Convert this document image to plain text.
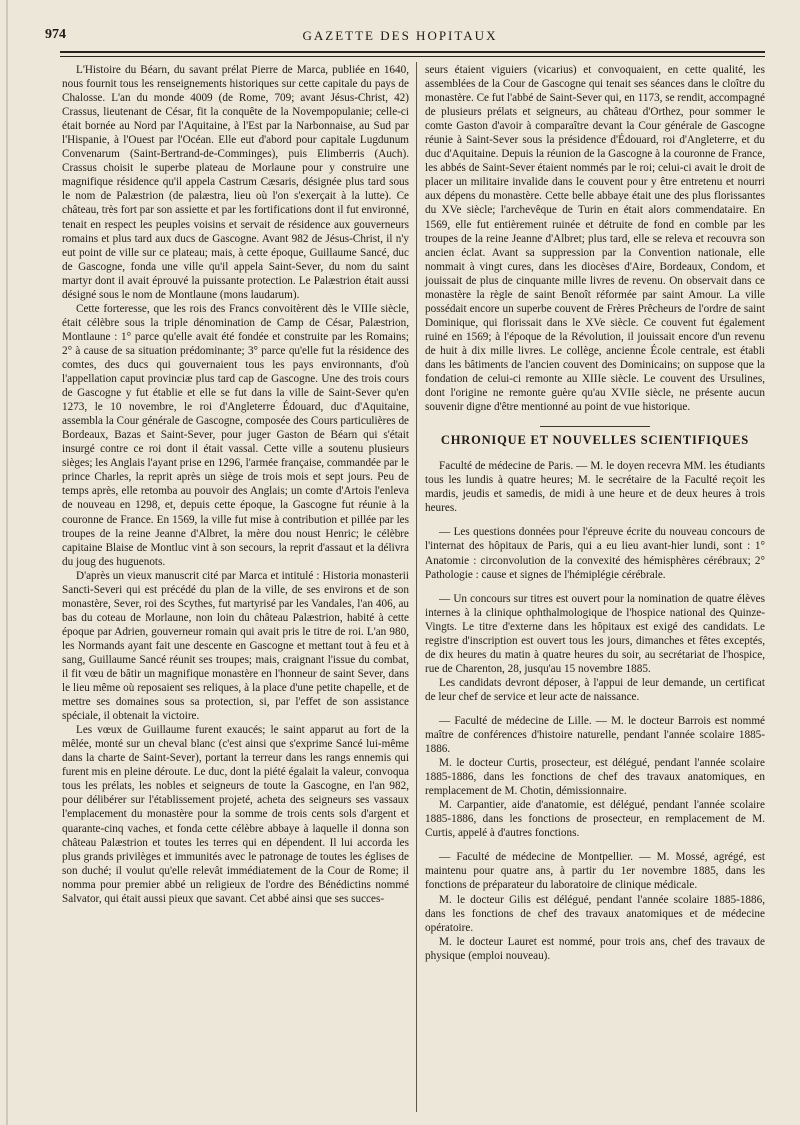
974	GAZETTE DES HOPITAUX

L'Histoire du Béarn, du savant prélat Pierre de Marca, publiée en 1640, nous fournit tous les renseignements historiques sur cette capitale du pays de Chalosse. L'an du monde 4009 (de Rome, 709; avant Jésus-Christ, 42) Crassus, lieutenant de César, fit la conquête de la Novempopulanie; celle-ci était bornée au Nord par l'Aquitaine, à l'Est par la Narbonnaise, au Sud par l'Hispanie, à l'Ouest par l'Océan. Elle eut d'abord pour capitale Lugdunum Convenarum (Saint-Bertrand-de-Comminges), puis Elimberris (Auch). Crassus choisit le superbe plateau de Morlaune pour y construire une magnifique résidence qu'il appela Castrum Cæsaris, désignée plus tard sous le nom de Palæstrion (de palæstra, lieu où l'on s'exerçait à la lutte). Ce château, très fort par son assiette et par les fortifications dont il fut environné, tenait en respect les peuples voisins et servait de résidence aux gouverneurs romains et plus tard aux ducs de Gascogne. Avant 982 de Jésus-Christ, il n'y eut point de ville sur ce plateau; mais, à cette époque, Guillaume Sancé, duc de Gascogne, fonda une ville qu'il appela Saint-Sever, du nom du saint martyr dont il avait éprouvé la puissante protection. Le Palæstrion était aussi désigné sous le nom de Montlaune (mons laudarum).

Cette forteresse, que les rois des Francs convoitèrent dès le VIIIe siècle, était célèbre sous la triple dénomination de Camp de César, Palæstrion, Montlaune : 1° parce qu'elle avait été fondée et construite par les Romains; 2° à cause de sa situation prédominante; 3° parce qu'elle fut la résidence des comtes, des ducs qui gouvernaient tous les pays environnants, d'où l'appellation caput provinciæ plus tard cap de Gascogne. Une des trois cours de Gascogne y fut établie et elle se fut dans la ville de Saint-Sever qu'en 1273, le 10 novembre, le roi d'Angleterre Édouard, duc d'Aquitaine, assembla la Cour générale de Gascogne, composée des Cours particulières de Bordeaux, Bazas et Saint-Sever, pour juger Gaston de Béarn qui s'était insurgé contre ce roi dont il était vassal. Cette ville a soutenu plusieurs sièges; les Anglais l'ayant prise en 1296, l'armée française, commandée par le prince Charles, la reprit après un siège de trois mois et sept jours. Peu de temps après, elle retomba au pouvoir des Anglais; un comte d'Artois l'enleva de nouveau en 1298, et, depuis cette époque, la Gascogne fut réunie à la couronne de France. En 1569, la ville fut mise à contribution et pillée par les troupes de la reine Jeanne d'Albret, la mère dou noust Henric; le célèbre capitaine Blaise de Montluc vint à son secours, la reprit d'assaut et la délivra du joug des huguenots.

D'après un vieux manuscrit cité par Marca et intitulé : Historia monasterii Sancti-Severi qui est précédé du plan de la ville, de ses environs et de son monastère, Sever, roi des Scythes, fut martyrisé par les Vandales, l'an 406, au bas du coteau de Morlaune, non loin du château Palæstrion, habité à cette époque par Adrien, gouverneur romain qui avait pris le titre de roi. L'an 980, les Normands ayant fait une descente en Gascogne et mettant tout à feu et à sang, Guillaume Sancé réunit ses troupes; mais, craignant l'issue du combat, il fit vœu de bâtir un magnifique monastère en l'honneur de saint Sever, dans le lieu même où reposaient ses reliques, à la place d'une petite chapelle, et de mettre ses domaines sous sa protection, si, par l'effet de son assistance spéciale, il obtenait la victoire.

Les vœux de Guillaume furent exaucés; le saint apparut au fort de la mêlée, monté sur un cheval blanc (c'est ainsi que s'exprime Sancé lui-même dans la charte de Saint-Sever), portant la terreur dans les rangs ennemis qui furent mis en pleine déroute. Le duc, dont la piété égalait la valeur, convoqua tous les prélats, les nobles et seigneurs de toute la Gascogne, en l'an 982, pour délibérer sur l'établissement projeté, acheta des seigneurs ses vassaux l'emplacement du monastère pour la somme de trois cents sols d'argent et quarante-cinq vaches, et fonda cette célèbre abbaye à laquelle il donna son château Palæstrion et toutes les terres qui en dépendent. Il lui accorda les plus grands privilèges et immunités avec le patronage de toutes les églises de son duché; il voulut qu'elle relevât immédiatement de la Cour de Rome; il nomma pour premier abbé un religieux de l'ordre des Bénédictins nommé Salvator, qui était aussi pieux que savant. Cet abbé ainsi que ses succes-

seurs étaient viguiers (vicarius) et convoquaient, en cette qualité, les assemblées de la Cour de Gascogne qui tenait ses séances dans le cloître du monastère. Ce fut l'abbé de Saint-Sever qui, en 1173, se rendit, accompagné de plusieurs prélats et seigneurs, au château d'Orthez, pour sommer le comte Gaston d'avoir à comparaître devant la Cour générale de Gascogne réunie à Saint-Sever sous la présidence d'Édouard, roi d'Angleterre, et du duc d'Aquitaine. Depuis la réunion de la Gascogne à la couronne de France, les abbés de Saint-Sever étaient nommés par le roi; celui-ci avait le droit de placer un militaire invalide dans le couvent pour y être entretenu et nourri aux dépens du monastère. Cette belle abbaye était une des plus florissantes du XVe siècle; l'archevêque de Turin en était alors commendataire. En 1569, elle fut entièrement ruinée et détruite de fond en comble par les troupes de la reine Jeanne d'Albret; plus tard, elle se releva et recouvra son ancien éclat. Avant sa suppression par la Convention nationale, elle nommait à vingt cures, dans les diocèses d'Aire, Bordeaux, Condom, et jouissait de plus de cinquante mille livres de revenu. On observait dans ce monastère la règle de saint Benoît réformée par saint Amour. La ville possédait encore un superbe couvent de Frères Prêcheurs de l'ordre de saint Dominique, qui florissait dans le XVe siècle. Ce couvent fut également ruiné en 1569; à l'époque de la Révolution, il jouissait encore d'un revenu de huit à dix mille livres. Le collège, ancienne École centrale, est établi dans les bâtiments de l'ancien couvent des Dominicains; on suppose que la fondation de celui-ci remonte au XIIIe siècle. Le couvent des Ursulines, dont l'origine ne remonte guère qu'au XVIIe siècle, ne présente aucun souvenir digne d'être mentionné au point de vue historique.

CHRONIQUE ET NOUVELLES SCIENTIFIQUES

Faculté de médecine de Paris. — M. le doyen recevra MM. les étudiants tous les lundis à quatre heures; M. le secrétaire de la Faculté reçoit les mardis, jeudis et samedis, de midi à une heure et de deux heures à trois heures.

— Les questions données pour l'épreuve écrite du nouveau concours de l'internat des hôpitaux de Paris, qui a eu lieu avant-hier lundi, sont : 1° Anatomie : circonvolution de la convexité des hémisphères cérébraux; 2° Pathologie : cause et signes de l'hémiplégie cérébrale.

— Un concours sur titres est ouvert pour la nomination de quatre élèves internes à la clinique ophthalmologique de l'hospice national des Quinze-Vingts. Le titre d'externe dans les hôpitaux est exigé des candidats. Le registre d'inscription est ouvert tous les jours, dimanches et fêtes exceptés, de dix heures du matin à quatre heures du soir, au secrétariat de l'hospice, rue de Charenton, 28, jusqu'au 15 novembre 1885.

Les candidats devront déposer, à l'appui de leur demande, un certificat de leur chef de service et leur acte de naissance.

— Faculté de médecine de Lille. — M. le docteur Barrois est nommé maître de conférences d'histoire naturelle, pendant l'année scolaire 1885-1886.

M. le docteur Curtis, prosecteur, est délégué, pendant l'année scolaire 1885-1886, dans les fonctions de chef des travaux anatomiques, en remplacement de M. Chotin, démissionnaire.

M. Carpantier, aide d'anatomie, est délégué, pendant l'année scolaire 1885-1886, dans les fonctions de prosecteur, en remplacement de M. Curtis, appelé à d'autres fonctions.

— Faculté de médecine de Montpellier. — M. Mossé, agrégé, est maintenu pour quatre ans, à partir du 1er novembre 1885, dans les fonctions de préparateur du laboratoire de clinique médicale.

M. le docteur Gilis est délégué, pendant l'année scolaire 1885-1886, dans les fonctions de chef des travaux anatomiques et de médecine opératoire.

M. le docteur Lauret est nommé, pour trois ans, chef des travaux de physique (emploi nouveau).
